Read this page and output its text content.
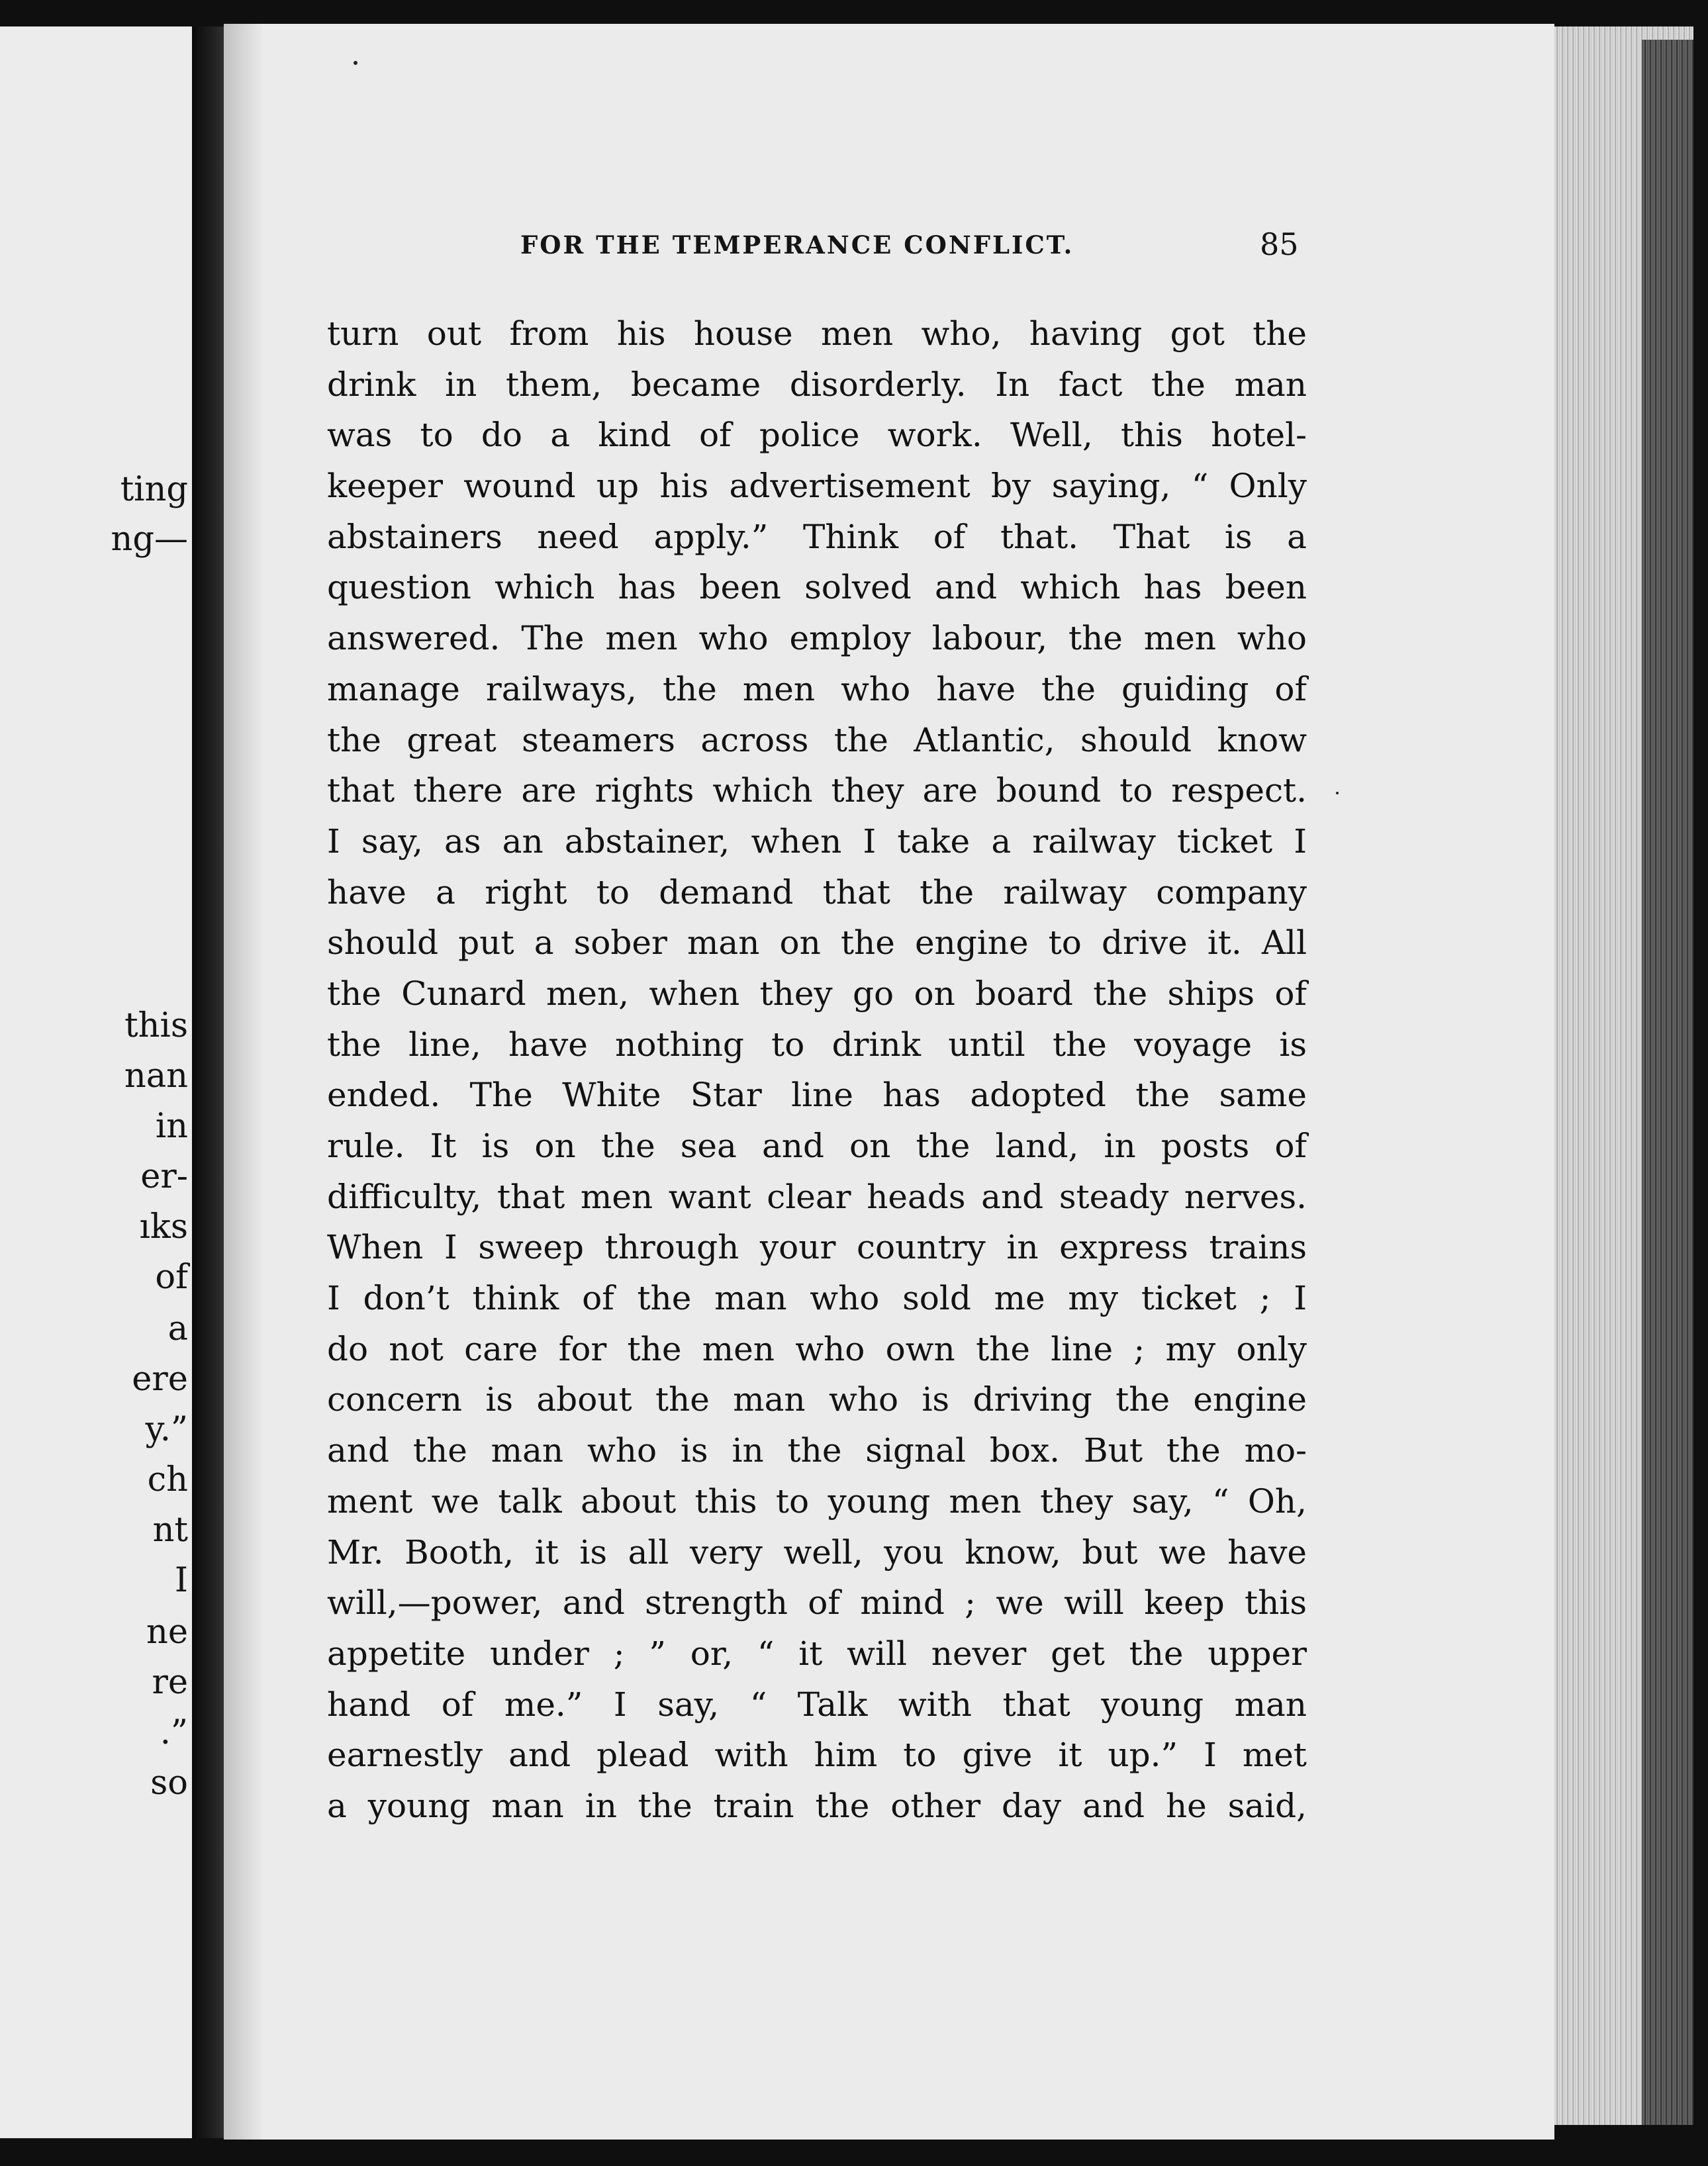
ting
ng—
this
nan
in
er-
ıks
of
a
ere
y.”
ch
nt
I
ne
re
.”
so
FOR THE TEMPERANCE CONFLICT.	85
turn out from his house men who, having got the
drink in them, became disorderly. In fact the man
was to do a kind of police work. Well, this hotel-
keeper wound up his advertisement by saying, “ Only
abstainers need apply.” Think of that. That is a
question which has been solved and which has been
answered. The men who employ labour, the men who
manage railways, the men who have the guiding of
the great steamers across the Atlantic, should know
that there are rights which they are bound to respect.
I say, as an abstainer, when I take a railway ticket I
have a right to demand that the railway company
should put a sober man on the engine to drive it. All
the Cunard men, when they go on board the ships of
the line, have nothing to drink until the voyage is
ended. The White Star line has adopted the same
rule. It is on the sea and on the land, in posts of
difficulty, that men want clear heads and steady nerves.
When I sweep through your country in express trains
I don’t think of the man who sold me my ticket ; I
do not care for the men who own the line ; my only
concern is about the man who is driving the engine
and the man who is in the signal box. But the mo-
ment we talk about this to young men they say, “ Oh,
Mr. Booth, it is all very well, you know, but we have
will,—power, and strength of mind ; we will keep this
appetite under ; ” or, “ it will never get the upper
hand of me.” I say, “ Talk with that young man
earnestly and plead with him to give it up.” I met
a young man in the train the other day and he said,
